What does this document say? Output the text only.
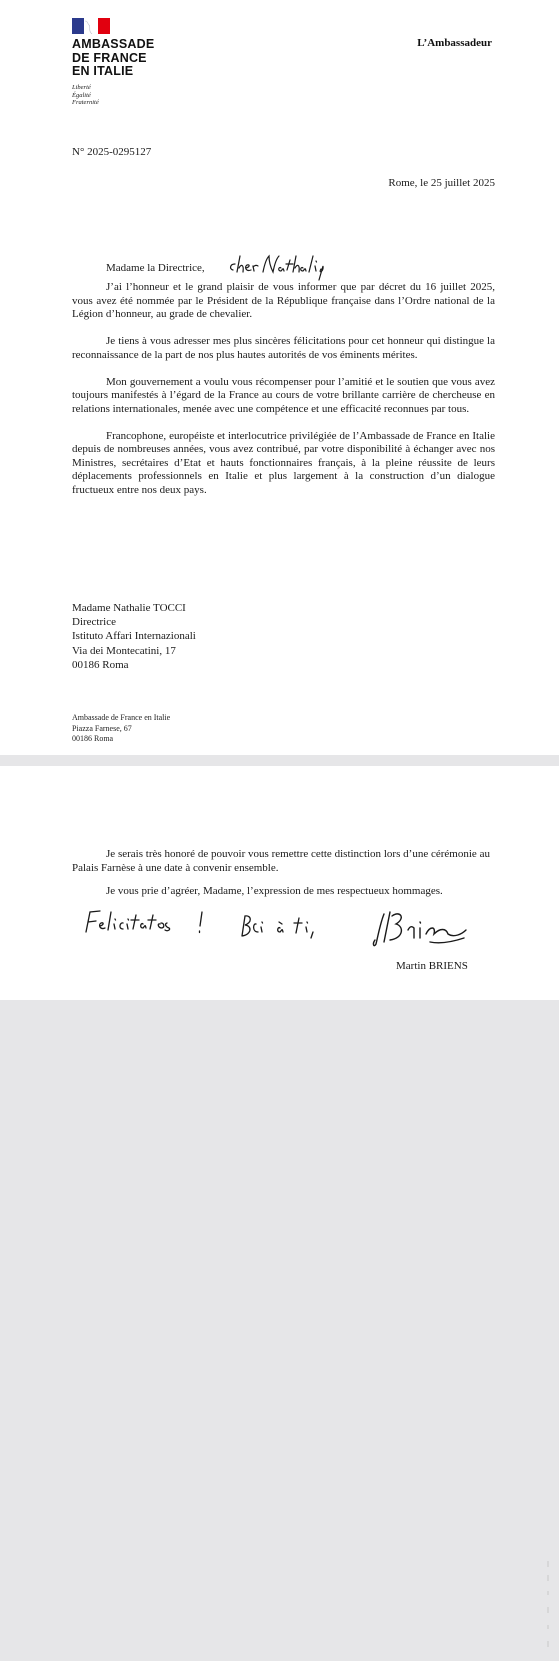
AMBASSADE
DE FRANCE
EN ITALIE
Liberté
Égalité
Fraternité
L’Ambassadeur
N° 2025-0295127
Rome, le 25 juillet 2025
Madame la Directrice,

J’ai l’honneur et le grand plaisir de vous informer que par décret du 16 juillet 2025, vous avez été nommée par le Président de la République française dans l’Ordre national de la Légion d’honneur, au grade de chevalier.

Je tiens à vous adresser mes plus sincères félicitations pour cet honneur qui distingue la reconnaissance de la part de nos plus hautes autorités de vos éminents mérites.

Mon gouvernement a voulu vous récompenser pour l’amitié et le soutien que vous avez toujours manifestés à l’égard de la France au cours de votre brillante carrière de chercheuse en relations internationales, menée avec une compétence et une efficacité reconnues par tous.

Francophone, européiste et interlocutrice privilégiée de l’Ambassade de France en Italie depuis de nombreuses années, vous avez contribué, par votre disponibilité à échanger avec nos Ministres, secrétaires d’Etat et hauts fonctionnaires français, à la pleine réussite de leurs déplacements professionnels en Italie et plus largement à la construction d’un dialogue fructueux entre nos deux pays.

Madame Nathalie TOCCI
Directrice
Istituto Affari Internazionali
Via dei Montecatini, 17
00186 Roma
Ambassade de France en Italie
Piazza Farnese, 67
00186 Roma

Je serais très honoré de pouvoir vous remettre cette distinction lors d’une cérémonie au Palais Farnèse à une date à convenir ensemble.

Je vous prie d’agréer, Madame, l’expression de mes respectueux hommages.

Martin BRIENS
